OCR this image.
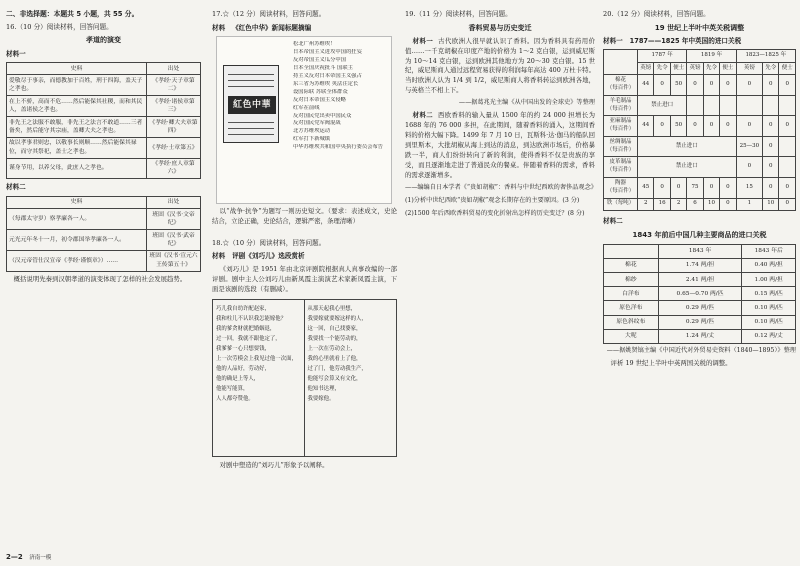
二、非选择题：本题共 5 小题，共 55 分。
16.（10 分）阅读材料，回答问题。
孝道的演变
材料一
史料	出处
爱敬尽于事亲，而德教加于百姓，刑于四海，盖天子之孝也。	《孝经·天子章第二》
在上不骄，高而不危……然后能保其社稷，而和其民人，盖诸侯之孝也。	《孝经·诸侯章第三》
非先王之法服不敢服，非先王之法言不敢道……三者备矣，然后能守其宗庙，盖卿大夫之孝也。	《孝经·卿大夫章第四》
故以孝事君则忠，以敬事长则顺……然后能保其禄位，而守其祭祀，盖士之孝也。	《孝经·士章第五》
谨身节用，以养父母，此庶人之孝也。	《孝经·庶人章第六》
材料二
史料	出处
（每郡太守岁）察孝廉各一人。	班固《汉书·文帝纪》
元光元年冬十一月，初令郡国举孝廉各一人。	班固《汉书·武帝纪》
（汉元帝管仕汉宣帝《孝经·谨慎章》）……	班固《汉书·宣元六王传第五十》

概括说明先秦到汉朝孝道的演变体现了怎样的社会发展趋势。

17.☆（12 分）阅读材料，回答问题。
材料 《红色中华》新闻标题摘编
紅色中華
松北广州苏维埃！
日本帝国主义进攻中国的狂妄
反对帝国主义瓜分中国
日本全国庆祝批斗 国联主
持主义反对日本帝国主义强占
东三省为苏维埃 英法注定长
设国际联 苏联全体群众
反对日本帝国主义侵略
红军在前线
反对国民党出卖中国民众
反对国民党军阀混战
北方苏维埃运动
红军打下新城镇
中华苏维埃共和国中央执行委员会布告

以“战争·抗争”为题写一则历史短文。（要求：表述成文，史论结合，立论正确，史论结合，逻辑严密，条理清晰）

18.☆（10 分）阅读材料，回答问题。
材料 评剧《刘巧儿》选段赏析

《刘巧儿》是 1951 年由北京评剧院根据真人真事改编的一部评剧。剧中主人公刘巧儿由新凤霞主演演艺术家新凤霞主演，下面是该剧的选段（有删减）。

巧儿我自幼许配赵家，
我和柱儿不认识我怎能嫁他？
我的爹贪财就把婚姻退，
过一回，我就不跟他定了，
我爹爹一心只想要钱，
上一次劳模会上我见过他一次面，
他的人品好，劳动好，
他的确是上等人，
他能写能算，
人人都夸赞他。
从那天起我心里想，
我要嫁就要嫁这样的人，
这一回，自己找婆家，
我要找一个能劳动的，
上一次在劳动会上，
我的心里就看上了他，
过了门，他劳动我生产，
他能写会算又有文化，
他知书达理，
我要嫁他。

对剧中塑造的“刘巧儿”形象予以阐释。

19.（11 分）阅读材料，回答问题。
香料贸易与历史变迁

材料一 古代欧洲人很早就认识了香料。因为香料具有药用价值……一千克胡椒在印度产地的价格为 1～2 克白银，运到威尼斯为 10～14 克白银，运到欧洲其他地方为 20～30 克白银。15 世纪，威尼斯商人通过远程贸易获得的利润每年高达 400 万杜卡特。当时欧洲人认为 1/4 到 1/2，威尼斯商人将香料转运到欧洲各地，与英格兰不相上下。

——据葛兆光主编《从中国出发的全球史》等整理

材料二 西欧香料的输入量从 1500 年的约 24 000 担增长为 1688 年的 76 000 多担，在此期间，随着香料的涌入，这期间香料的价格大幅下降。1499 年 7 月 10 日，瓦斯科·达·伽马的船队回到里斯本，大批胡椒从海上到达的消息，到达欧洲市场后，价格暴跌一半，商人们纷纷转向了新的利润，使得香料不仅是贵族的享受，而且逐渐地走进了普通民众的餐桌。伴随着香料的需求，香料的需求逐渐增多。

——编编自日本学者《“贵如胡椒”：香料与中世纪西欧的奢侈品观念》
(1)分析中世纪西欧“贵如胡椒”观念长期存在的主要原因。(3 分)
(2)1500 年后西欧香料贸易的变化折射出怎样的历史变迁？(8 分)
20.（12 分）阅读材料，回答问题。
19 世纪上半叶中英关税调整
材料一 1787——1825 年中英国的进口关税
	1787 年			1819 年			1823—1825 年		
	英镑	先令	便士	英镑	先令	便士	英镑	先令	便士

棉花
（每百件）	44	0	50	0	0	0	0	0	0

羊毛制品
（每百件）	禁止进口								

亚麻制品
（每百件）	44	0	50	0	0	0	0	0	0

丝绸制品
（每百件）	禁止进口						25—30	0	

皮革制品
（每百件）	禁止进口						0	0	

陶器
（每百件）	45	0	0	75	0	0	15	0	0
铁（每吨）	2	16	2	6	10	0	1	10	0
材料二
1843 年前后中国几种主要商品的进口关税
	1843 年	1843 年后
棉花	1.74 两/担	0.40 两/担
棉纱	2.41 两/担	1.00 两/担
白洋布	0.65—0.70 两/匹	0.15 两/匹
原色洋布	0.29 两/匹	0.10 两/匹
原色斜纹布	0.29 两/匹	0.10 两/匹
大呢	1.24 两/丈	0.12 两/丈
——据姚贤镐主编《中国近代对外贸易史资料（1840—1895）》整理

评析 19 世纪上半叶中英两国关税的调整。

2—2 济南一模
